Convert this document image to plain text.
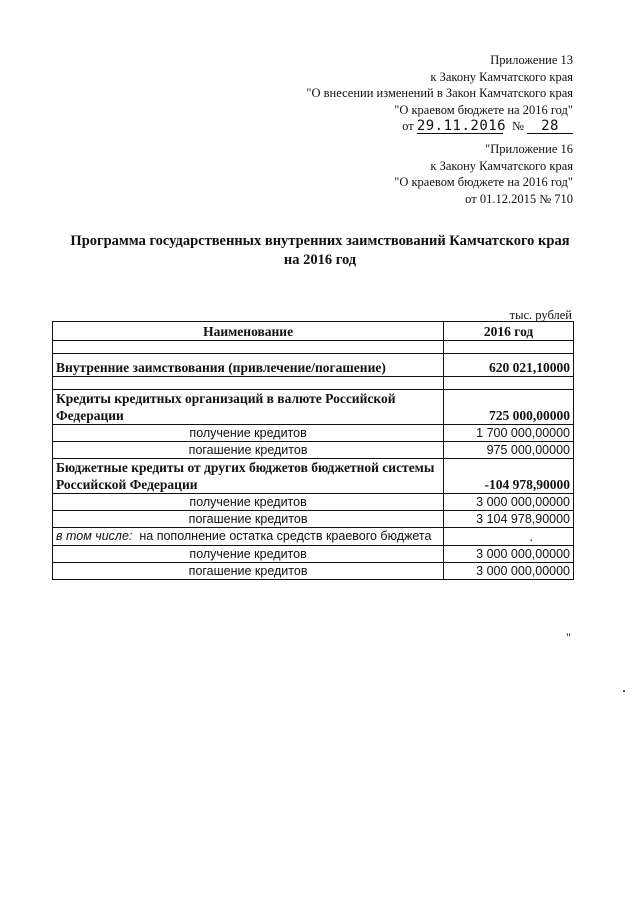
Приложение 13
к Закону Камчатского края
"О внесении изменений в Закон Камчатского края
"О краевом бюджете на 2016 год"
от 29.11.2016 № 28
"Приложение 16
к Закону Камчатского края
"О краевом бюджете на 2016 год"
от 01.12.2015 № 710
Программа государственных внутренних заимствований Камчатского края
на 2016 год
тыс. рублей
Наименование	2016 год

Внутренние заимствования (привлечение/погашение)	620 021,10000

Кредиты кредитных организаций в валюте Российской Федерации	725 000,00000
получение кредитов	1 700 000,00000
погашение кредитов	975 000,00000
Бюджетные кредиты от других бюджетов бюджетной системы Российской Федерации	-104 978,90000
получение кредитов	3 000 000,00000
погашение кредитов	3 104 978,90000
в том числе: на пополнение остатка средств краевого бюджета	.
получение кредитов	3 000 000,00000
погашение кредитов	3 000 000,00000
"
